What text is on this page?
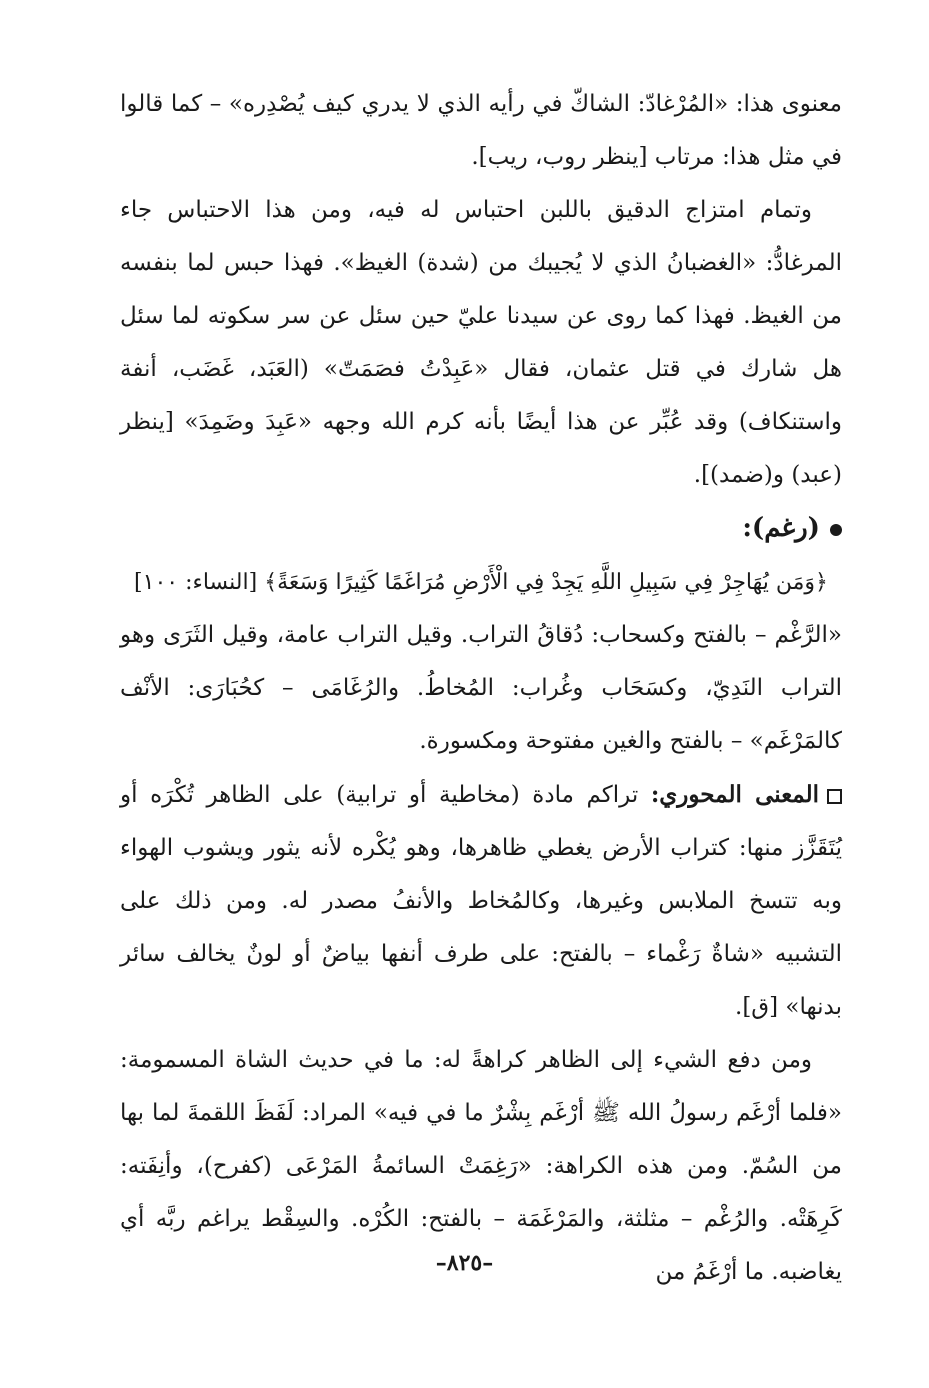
معنوى هذا: «المُرْغادّ: الشاكّ في رأيه الذي لا يدري كيف يُصْدِره» – كما قالوا في مثل هذا: مرتاب [ينظر روب، ريب].

وتمام امتزاج الدقيق باللبن احتباس له فيه، ومن هذا الاحتباس جاء المرغادُّ: «الغضبانُ الذي لا يُجيبك من (شدة) الغيظ». فهذا حبس لما بنفسه من الغيظ. فهذا كما روى عن سيدنا عليّ حين سئل عن سر سكوته لما سئل هل شارك في قتل عثمان، فقال «عَبِدْتُ فصَمَتّ» (العَبَد، غَضَب، أنفة واستنكاف) وقد عُبِّر عن هذا أيضًا بأنه كرم الله وجهه «عَبِدَ وضَمِدَ» [ينظر (عبد) و(ضمد)].

(رغم):

﴿وَمَن يُهَاجِرْ فِي سَبِيلِ اللَّهِ يَجِدْ فِي الْأَرْضِ مُرَاغَمًا كَثِيرًا وَسَعَةً﴾ [النساء: ١٠٠]

«الرَّغْم – بالفتح وكسحاب: دُقاقُ التراب. وقيل التراب عامة، وقيل الثَرَى وهو التراب النَدِيّ، وكسَحَاب وغُراب: المُخاطُ. والرُغَامَى – كحُبَارَى: الأنْف كالمَرْغَم» – بالفتح والغين مفتوحة ومكسورة.

المعنى المحوري: تراكم مادة (مخاطية أو ترابية) على الظاهر تُكْرَه أو يُتَقَزَّز منها: كتراب الأرض يغطي ظاهرها، وهو يُكْره لأنه يثور ويشوب الهواء وبه تتسخ الملابس وغيرها، وكالمُخاط والأنفُ مصدر له. ومن ذلك على التشبيه «شاةٌ رَغْماء – بالفتح: على طرف أنفها بياضٌ أو لونٌ يخالف سائر بدنها» [ق].

ومن دفع الشيء إلى الظاهر كراهةً له: ما في حديث الشاة المسمومة: «فلما أرْغَم رسولُ الله ﷺ أرْغَم بِشْرٌ ما في فيه» المراد: لَفَظَ اللقمةَ لما بها من السُمّ. ومن هذه الكراهة: «رَغِمَتْ السائمةُ المَرْعَى (كفرح)، وأنِفَته: كَرِهَتْه. والرُغْم – مثلثة، والمَرْغَمَة – بالفتح: الكُرْه. والسِقْط يراغم ربَّه أي يغاضبه. ما أرْغَمُ من

–٨٢٥–
